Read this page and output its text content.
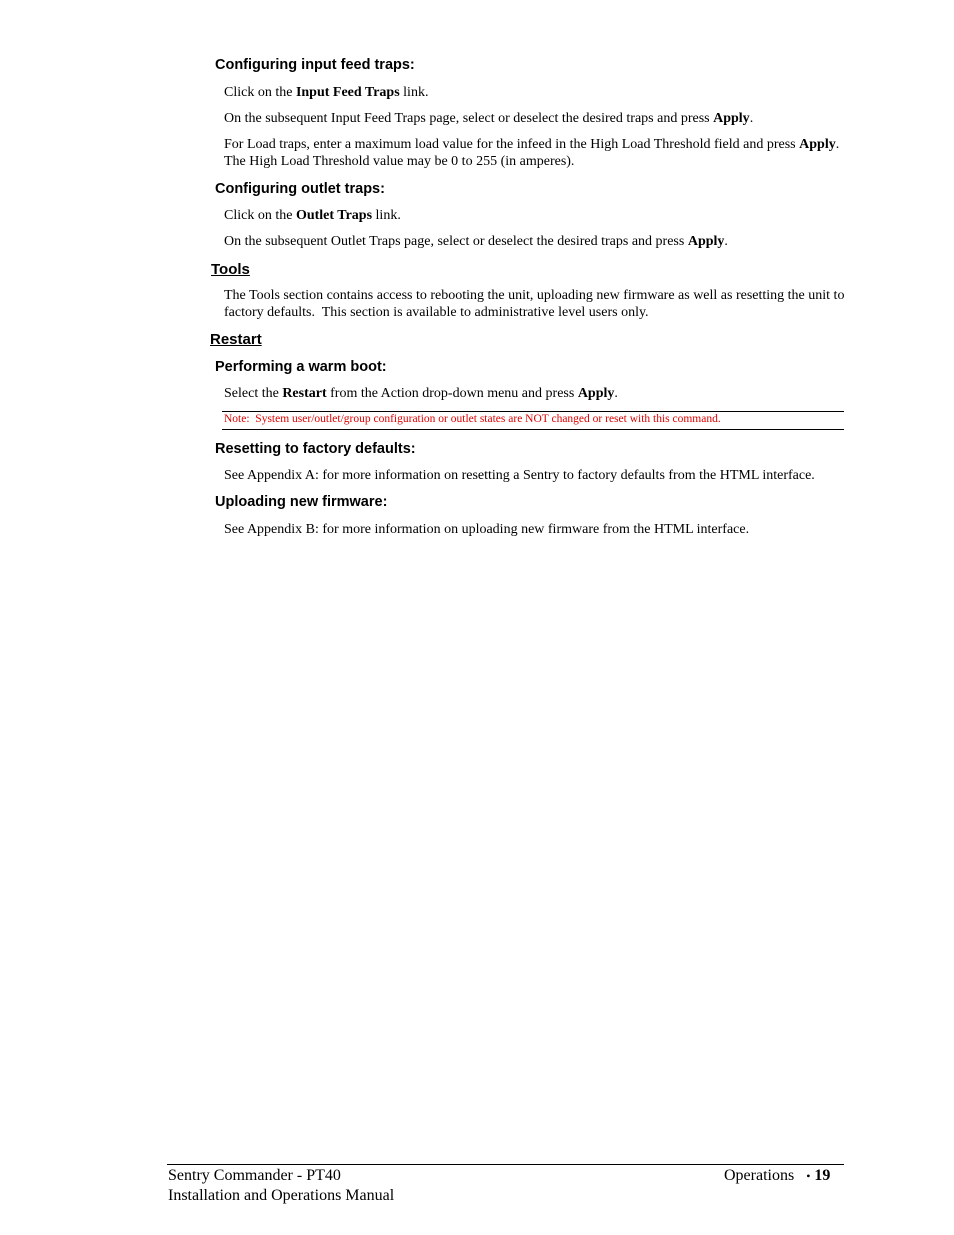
Configuring input feed traps:
Click on the Input Feed Traps link.
On the subsequent Input Feed Traps page, select or deselect the desired traps and press Apply.
For Load traps, enter a maximum load value for the infeed in the High Load Threshold field and press Apply.
The High Load Threshold value may be 0 to 255 (in amperes).
Configuring outlet traps:
Click on the Outlet Traps link.
On the subsequent Outlet Traps page, select or deselect the desired traps and press Apply.
Tools
The Tools section contains access to rebooting the unit, uploading new firmware as well as resetting the unit to
factory defaults.  This section is available to administrative level users only.
Restart
Performing a warm boot:
Select the Restart from the Action drop-down menu and press Apply.
Note:  System user/outlet/group configuration or outlet states are NOT changed or reset with this command.
Resetting to factory defaults:
See Appendix A: for more information on resetting a Sentry to factory defaults from the HTML interface.
Uploading new firmware:
See Appendix B: for more information on uploading new firmware from the HTML interface.
Sentry Commander - PT40
Installation and Operations Manual
Operations • 19
